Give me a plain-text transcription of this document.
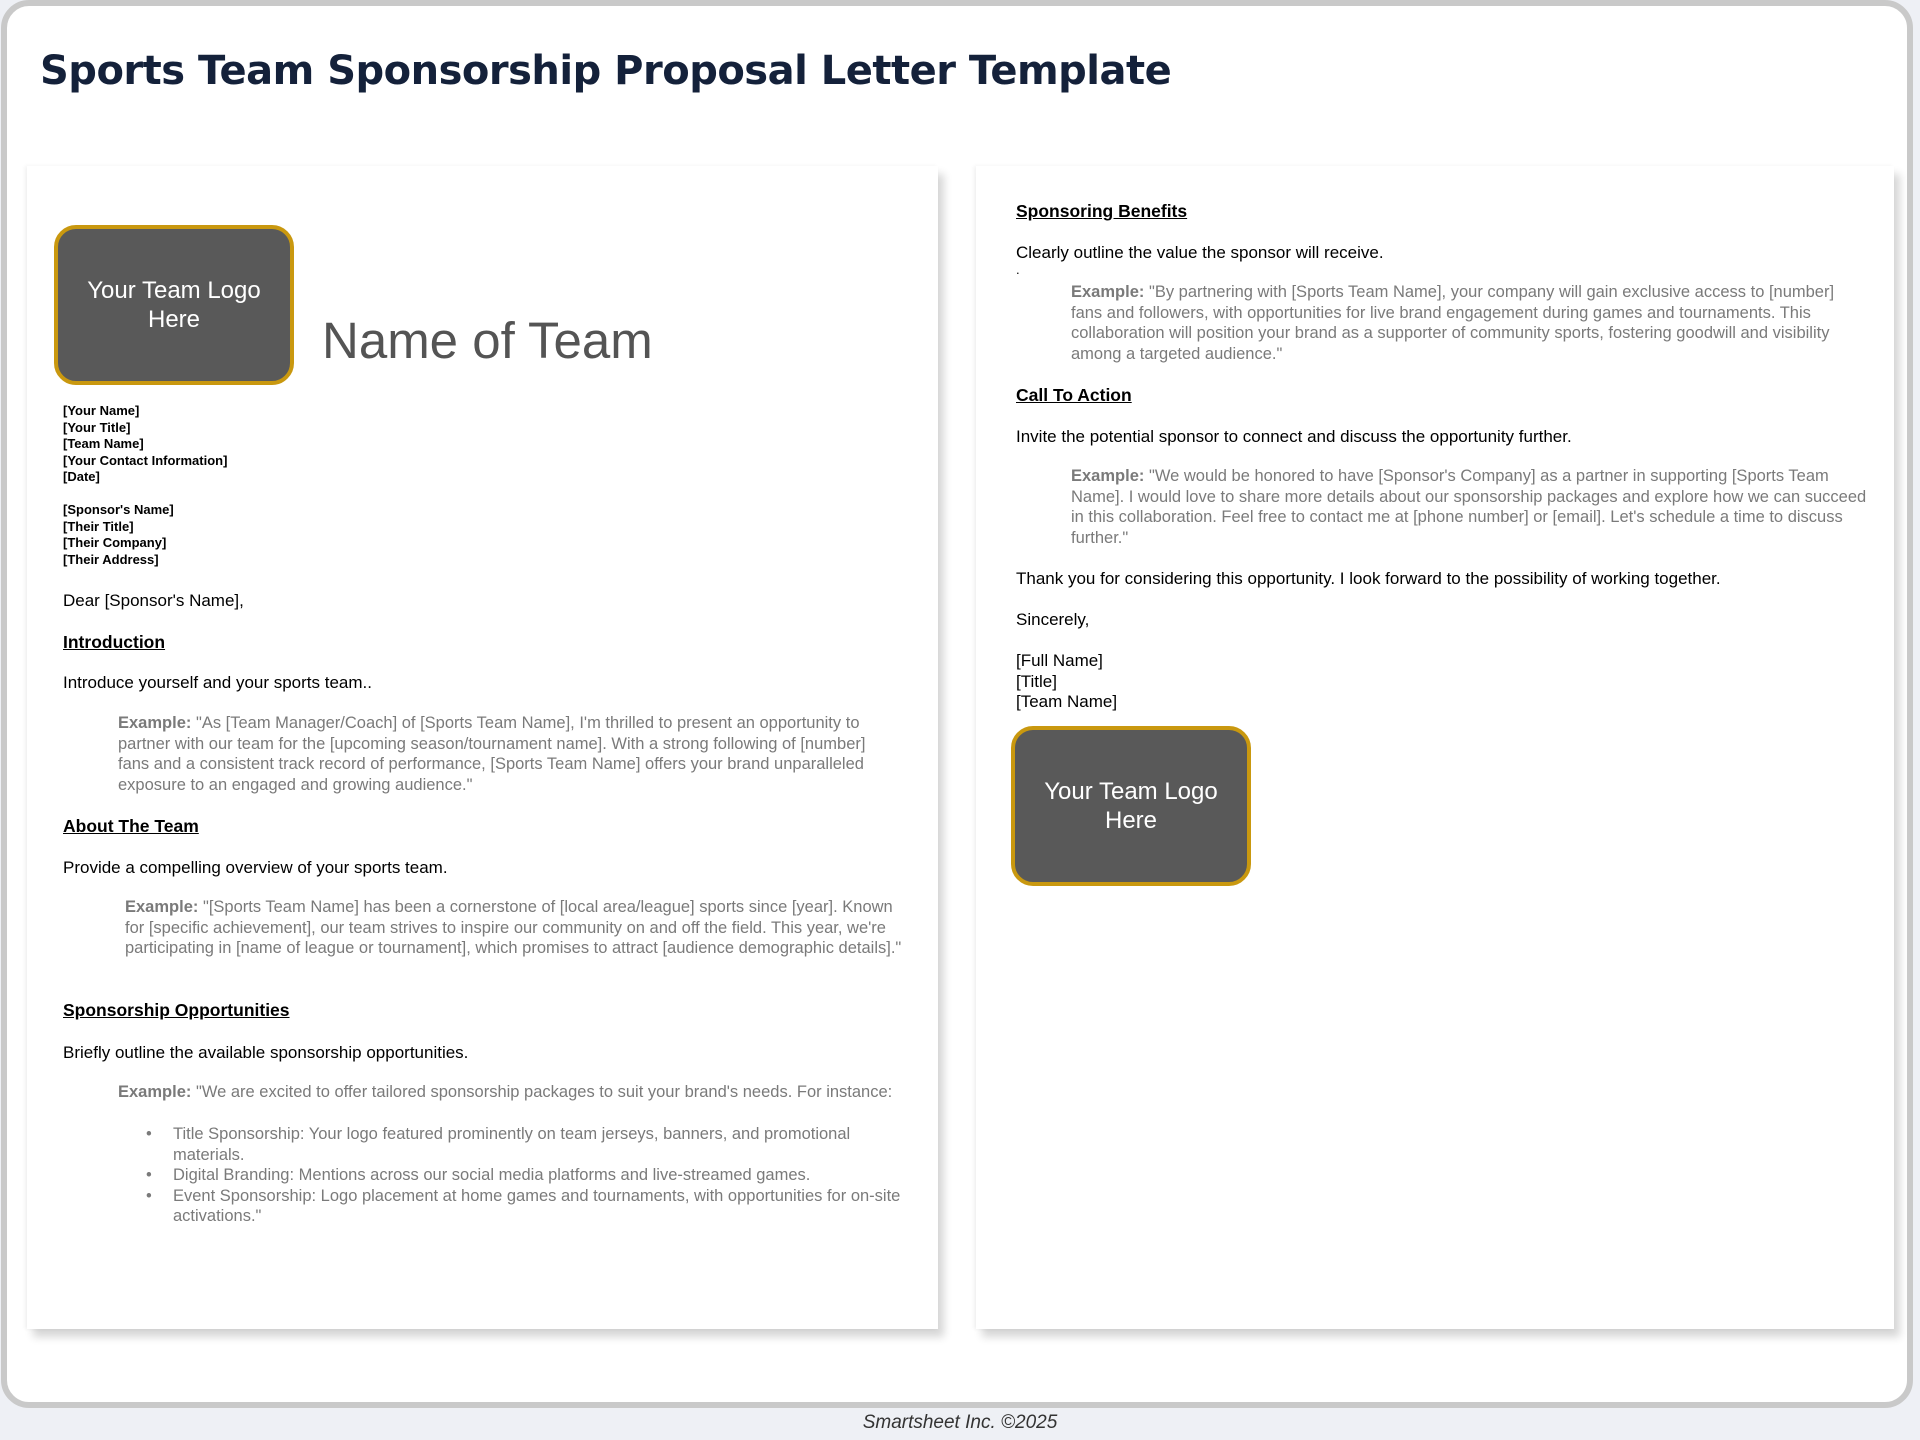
Sports Team Sponsorship Proposal Letter Template
Your Team Logo Here	Name of Team
[Your Name]
[Your Title]
[Team Name]
[Your Contact Information]
[Date]
[Sponsor's Name]
[Their Title]
[Their Company]
[Their Address]
Dear [Sponsor's Name],
Introduction
Introduce yourself and your sports team..
Example: "As [Team Manager/Coach] of [Sports Team Name], I'm thrilled to present an opportunity to partner with our team for the [upcoming season/tournament name]. With a strong following of [number] fans and a consistent track record of performance, [Sports Team Name] offers your brand unparalleled exposure to an engaged and growing audience."
About The Team
Provide a compelling overview of your sports team.
Example: "[Sports Team Name] has been a cornerstone of [local area/league] sports since [year]. Known for [specific achievement], our team strives to inspire our community on and off the field. This year, we're participating in [name of league or tournament], which promises to attract [audience demographic details]."
Sponsorship Opportunities
Briefly outline the available sponsorship opportunities.
Example: "We are excited to offer tailored sponsorship packages to suit your brand's needs. For instance:
• Title Sponsorship: Your logo featured prominently on team jerseys, banners, and promotional materials.
• Digital Branding: Mentions across our social media platforms and live-streamed games.
• Event Sponsorship: Logo placement at home games and tournaments, with opportunities for on-site activations."
Sponsoring Benefits
Clearly outline the value the sponsor will receive.
.
Example: "By partnering with [Sports Team Name], your company will gain exclusive access to [number] fans and followers, with opportunities for live brand engagement during games and tournaments. This collaboration will position your brand as a supporter of community sports, fostering goodwill and visibility among a targeted audience."
Call To Action
Invite the potential sponsor to connect and discuss the opportunity further.
Example: "We would be honored to have [Sponsor's Company] as a partner in supporting [Sports Team Name]. I would love to share more details about our sponsorship packages and explore how we can succeed in this collaboration. Feel free to contact me at [phone number] or [email]. Let's schedule a time to discuss further."
Thank you for considering this opportunity. I look forward to the possibility of working together.
Sincerely,
[Full Name]
[Title]
[Team Name]
Your Team Logo Here
Smartsheet Inc. ©2025
